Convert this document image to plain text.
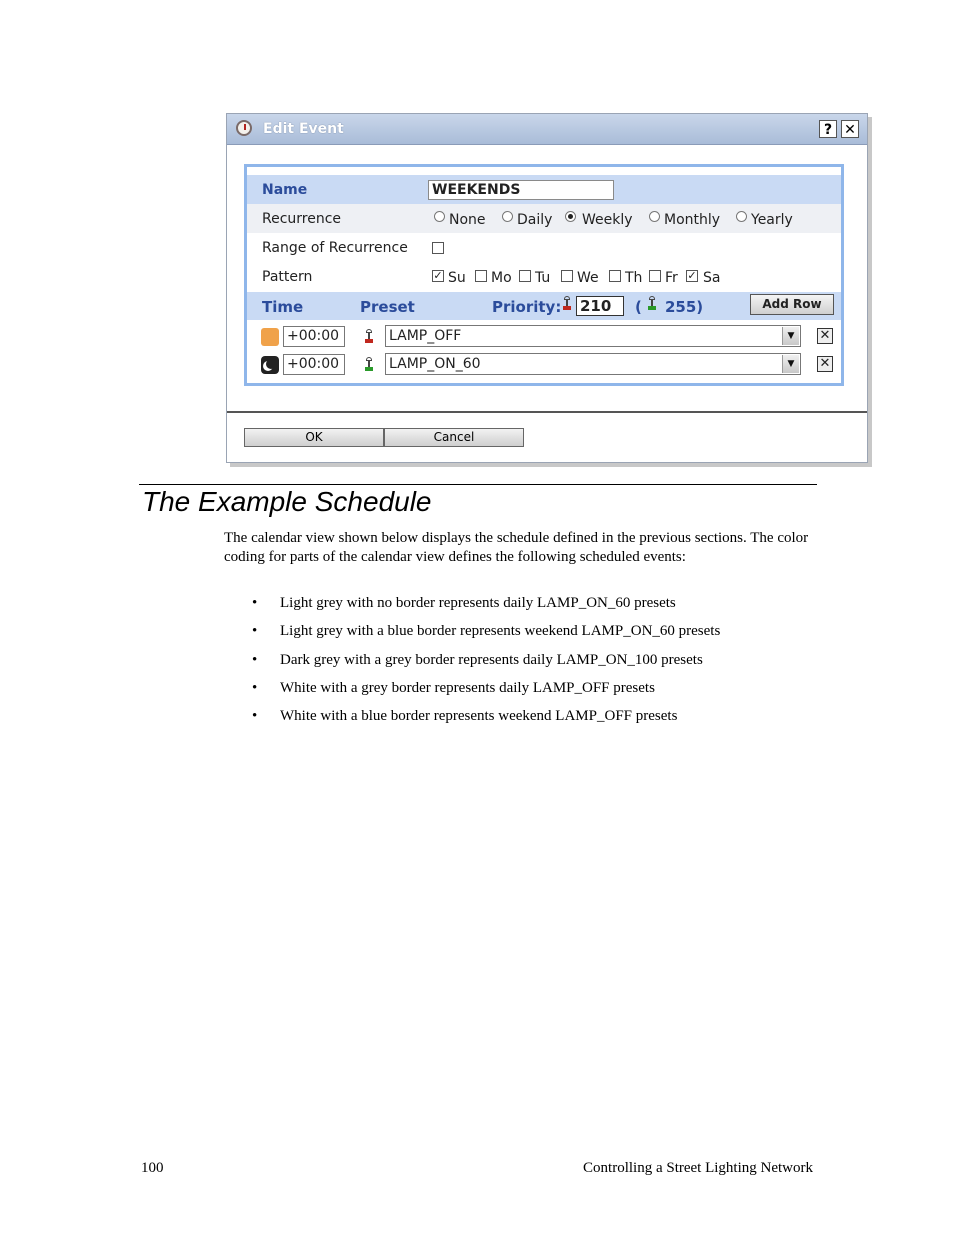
Edit Event	? ✕
Name	WEEKENDS
Recurrence	None Daily Weekly Monthly Yearly
Range of Recurrence
Pattern	✓ Su Mo Tu We Th Fr ✓ Sa
Time	Preset	Priority: 210	( 255)	Add Row
+00:00	LAMP_OFF	▼	✕
+00:00	LAMP_ON_60	▼	✕
OK	Cancel
The Example Schedule
The calendar view shown below displays the schedule defined in the previous sections. The color coding for parts of the calendar view defines the following scheduled events:
• Light grey with no border represents daily LAMP_ON_60 presets
• Light grey with a blue border represents weekend LAMP_ON_60 presets
• Dark grey with a grey border represents daily LAMP_ON_100 presets
• White with a grey border represents daily LAMP_OFF presets
• White with a blue border represents weekend LAMP_OFF presets
100	Controlling a Street Lighting Network
